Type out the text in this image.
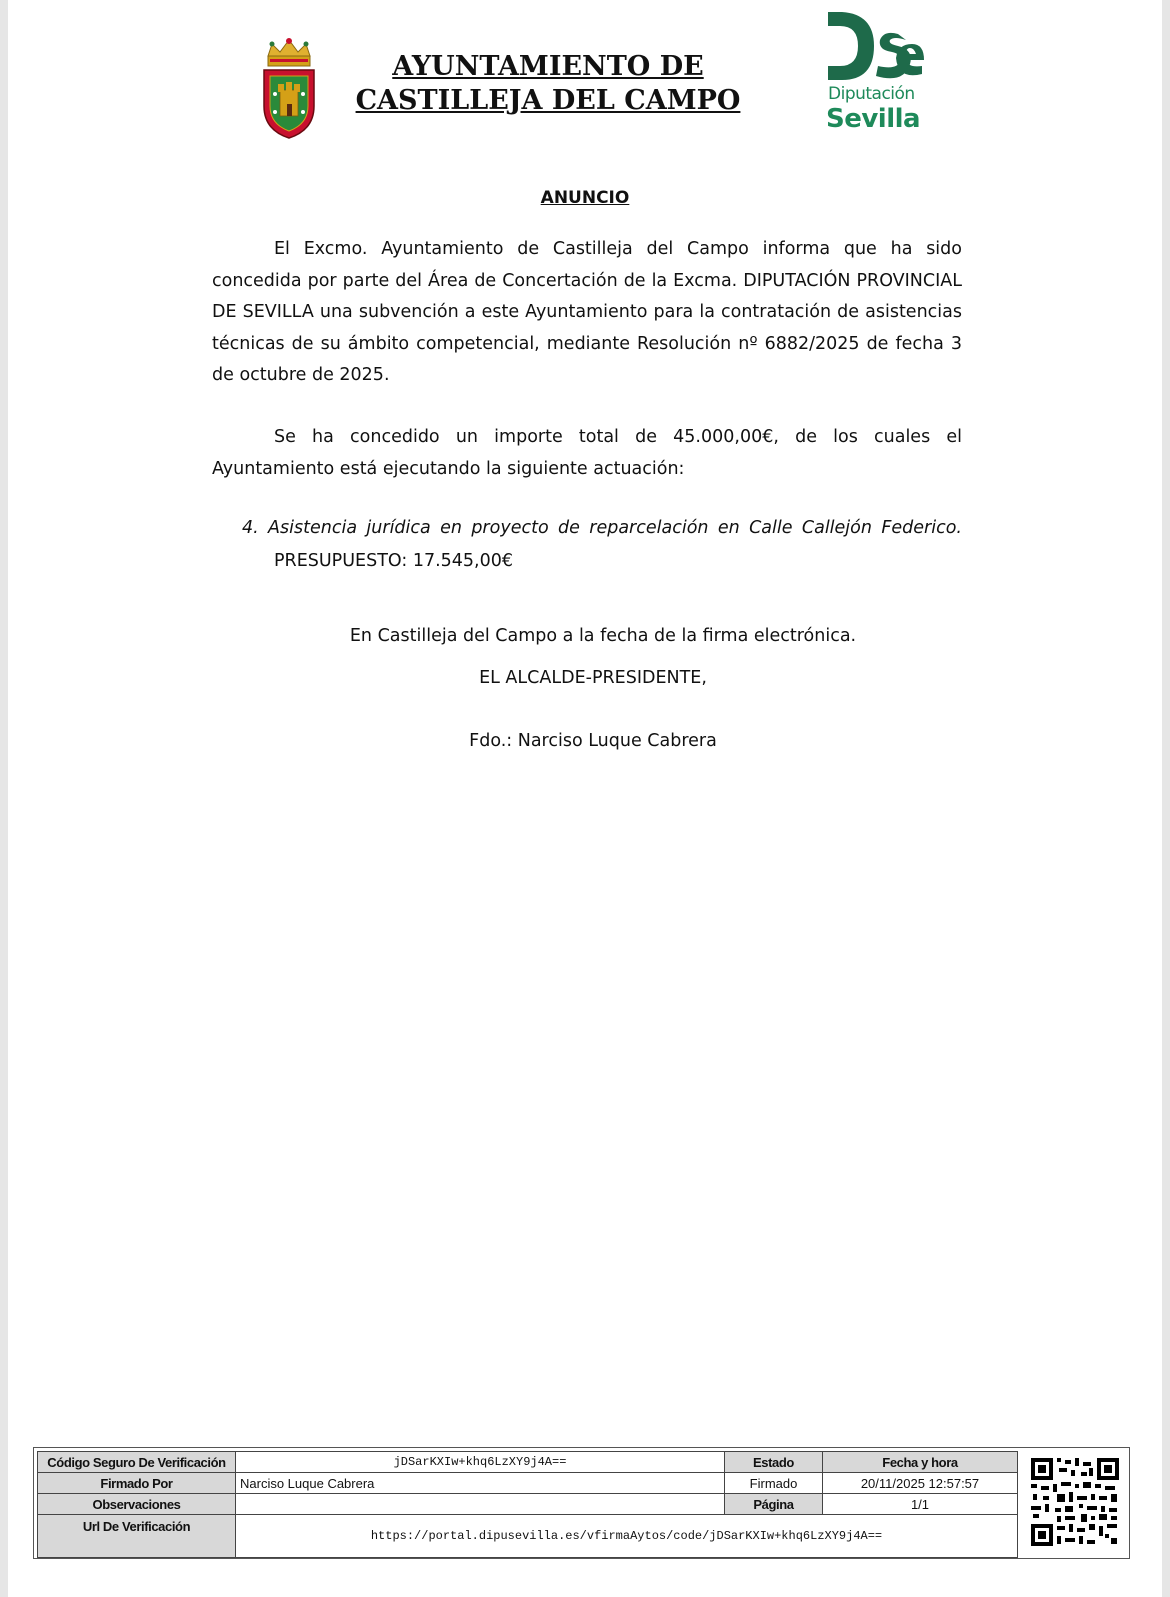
AYUNTAMIENTO DE
CASTILLEJA DEL CAMPO	Diputación
Sevilla
ANUNCIO

El Excmo. Ayuntamiento de Castilleja del Campo informa que ha sido concedida por parte del Área de Concertación de la Excma. DIPUTACIÓN PROVINCIAL DE SEVILLA una subvención a este Ayuntamiento para la contratación de asistencias técnicas de su ámbito competencial, mediante Resolución nº 6882/2025 de fecha 3 de octubre de 2025.

Se ha concedido un importe total de 45.000,00€, de los cuales el Ayuntamiento está ejecutando la siguiente actuación:

4. Asistencia jurídica en proyecto de reparcelación en Calle Callejón Federico.
PRESUPUESTO: 17.545,00€
En Castilleja del Campo a la fecha de la firma electrónica.
EL ALCALDE-PRESIDENTE,
Fdo.: Narciso Luque Cabrera
Código Seguro De Verificación	jDSarKXIw+khq6LzXY9j4A==	Estado	Fecha y hora
Firmado Por	Narciso Luque Cabrera	Firmado	20/11/2025 12:57:57
Observaciones		Página	1/1
Url De Verificación	https://portal.dipusevilla.es/vfirmaAytos/code/jDSarKXIw+khq6LzXY9j4A==		
